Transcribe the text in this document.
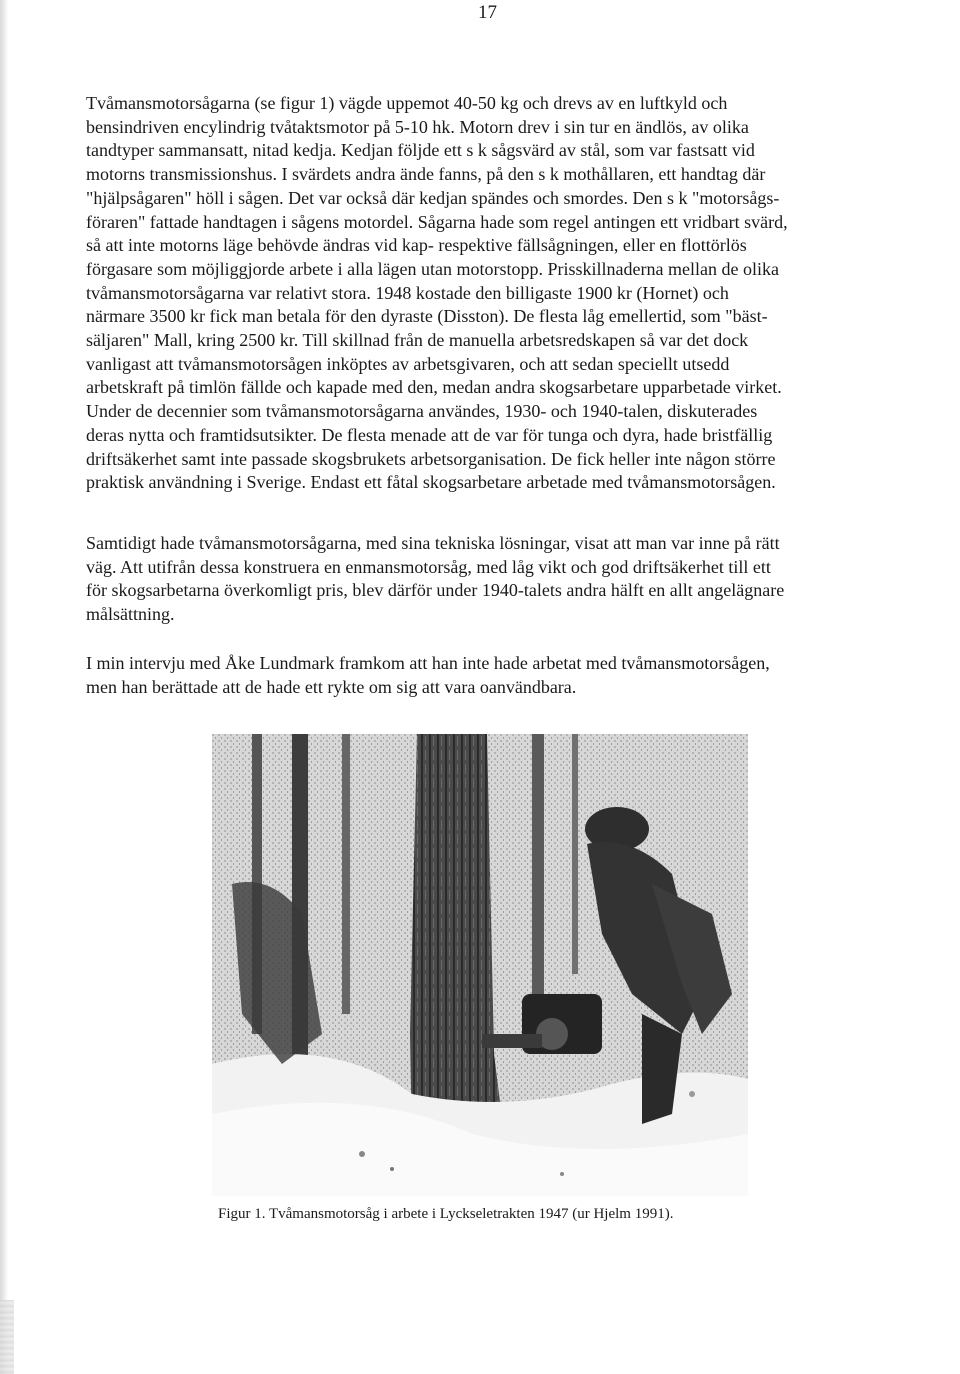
17
Tvåmansmotorsågarna (se figur 1) vägde uppemot 40-50 kg och drevs av en luftkyld och
bensindriven encylindrig tvåtaktsmotor på 5-10 hk. Motorn drev i sin tur en ändlös, av olika
tandtyper sammansatt, nitad kedja. Kedjan följde ett s k sågsvärd av stål, som var fastsatt vid
motorns transmissionshus. I svärdets andra ände fanns, på den s k mothållaren, ett handtag där
"hjälpsågaren" höll i sågen. Det var också där kedjan spändes och smordes. Den s k "motorsågs-
föraren" fattade handtagen i sågens motordel. Sågarna hade som regel antingen ett vridbart svärd,
så att inte motorns läge behövde ändras vid kap- respektive fällsågningen, eller en flottörlös
förgasare som möjliggjorde arbete i alla lägen utan motorstopp. Prisskillnaderna mellan de olika
tvåmansmotorsågarna var relativt stora. 1948 kostade den billigaste 1900 kr (Hornet) och
närmare 3500 kr fick man betala för den dyraste (Disston). De flesta låg emellertid, som "bäst-
säljaren" Mall, kring 2500 kr. Till skillnad från de manuella arbetsredskapen så var det dock
vanligast att tvåmansmotorsågen inköptes av arbetsgivaren, och att sedan speciellt utsedd
arbetskraft på timlön fällde och kapade med den, medan andra skogsarbetare upparbetade virket.
Under de decennier som tvåmansmotorsågarna användes, 1930- och 1940-talen, diskuterades
deras nytta och framtidsutsikter. De flesta menade att de var för tunga och dyra, hade bristfällig
driftsäkerhet samt inte passade skogsbrukets arbetsorganisation. De fick heller inte någon större
praktisk användning i Sverige. Endast ett fåtal skogsarbetare arbetade med tvåmansmotorsågen.
Samtidigt hade tvåmansmotorsågarna, med sina tekniska lösningar, visat att man var inne på rätt
väg. Att utifrån dessa konstruera en enmansmotorsåg, med låg vikt och god driftsäkerhet till ett
för skogsarbetarna överkomligt pris, blev därför under 1940-talets andra hälft en allt angelägnare
målsättning.
I min intervju med Åke Lundmark framkom att han inte hade arbetat med tvåmansmotorsågen,
men han berättade att de hade ett rykte om sig att vara oanvändbara.
Figur 1. Tvåmansmotorsåg i arbete i Lyckseletrakten 1947 (ur Hjelm 1991).
